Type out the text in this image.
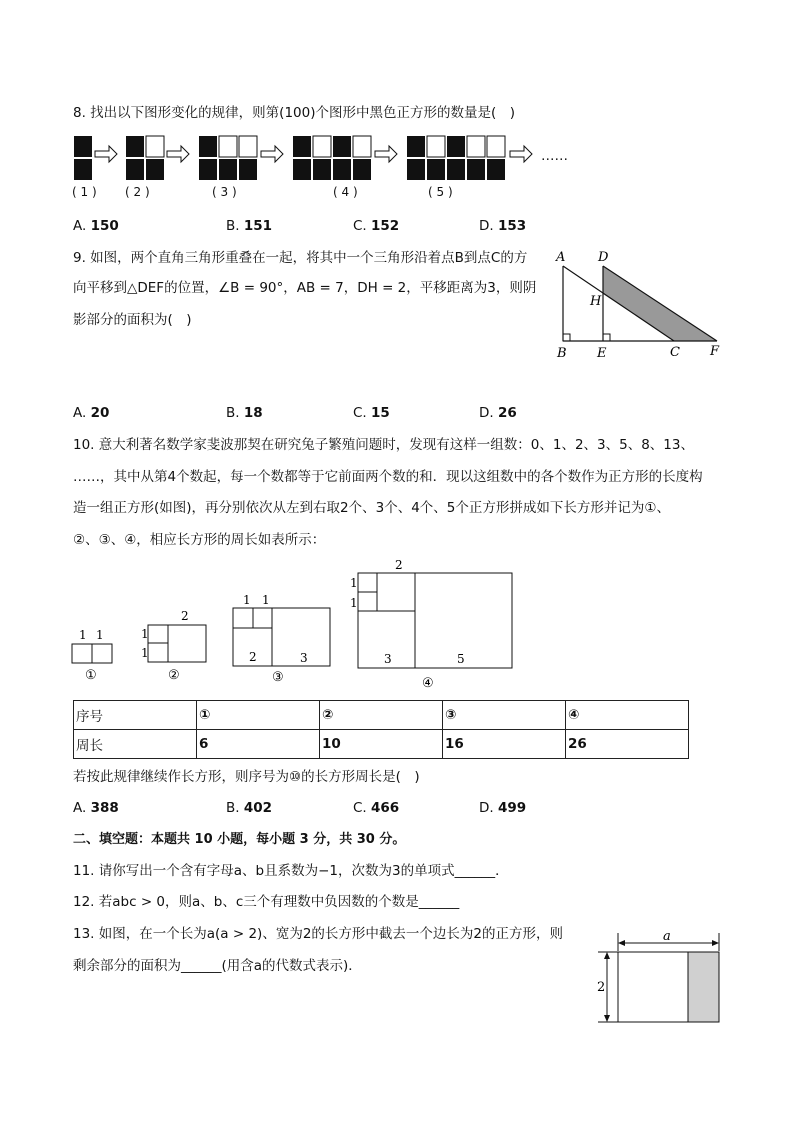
8. 找出以下图形变化的规律，则第(100)个图形中黑色正方形的数量是(　)
……
( 1 ) ( 2 )	( 3 )	( 4 )	( 5 )
A. 150	B. 151	C. 152	D. 153
9. 如图，两个直角三角形重叠在一起，将其中一个三角形沿着点B到点C的方
向平移到△DEF的位置，∠B = 90°，AB = 7，DH = 2，平移距离为3，则阴
影部分的面积为(　)
A	D
H
B E	C F
A. 20	B. 18	C. 15	D. 26
10. 意大利著名数学家斐波那契在研究兔子繁殖问题时，发现有这样一组数：0、1、2、3、5、8、13、
……，其中从第4个数起，每一个数都等于它前面两个数的和．现以这组数中的各个数作为正方形的长度构
造一组正方形(如图)，再分别依次从左到右取2个、3个、4个、5个正方形拼成如下长方形并记为①、
②、③、④，相应长方形的周长如表所示：
1 1
①
2
1
1
②
1 1
2	3
③
2
1
1
3	5
④
序号	①	②	③	④
周长	6	10	16	26
若按此规律继续作长方形，则序号为⑩的长方形周长是(　)
A. 388	B. 402	C. 466	D. 499
二、填空题：本题共 10 小题，每小题 3 分，共 30 分。
11. 请你写出一个含有字母a、b且系数为−1，次数为3的单项式______．
12. 若abc > 0，则a、b、c三个有理数中负因数的个数是______
13. 如图，在一个长为a(a > 2)、宽为2的长方形中截去一个边长为2的正方形，则
剩余部分的面积为______(用含a的代数式表示)．
a
2
